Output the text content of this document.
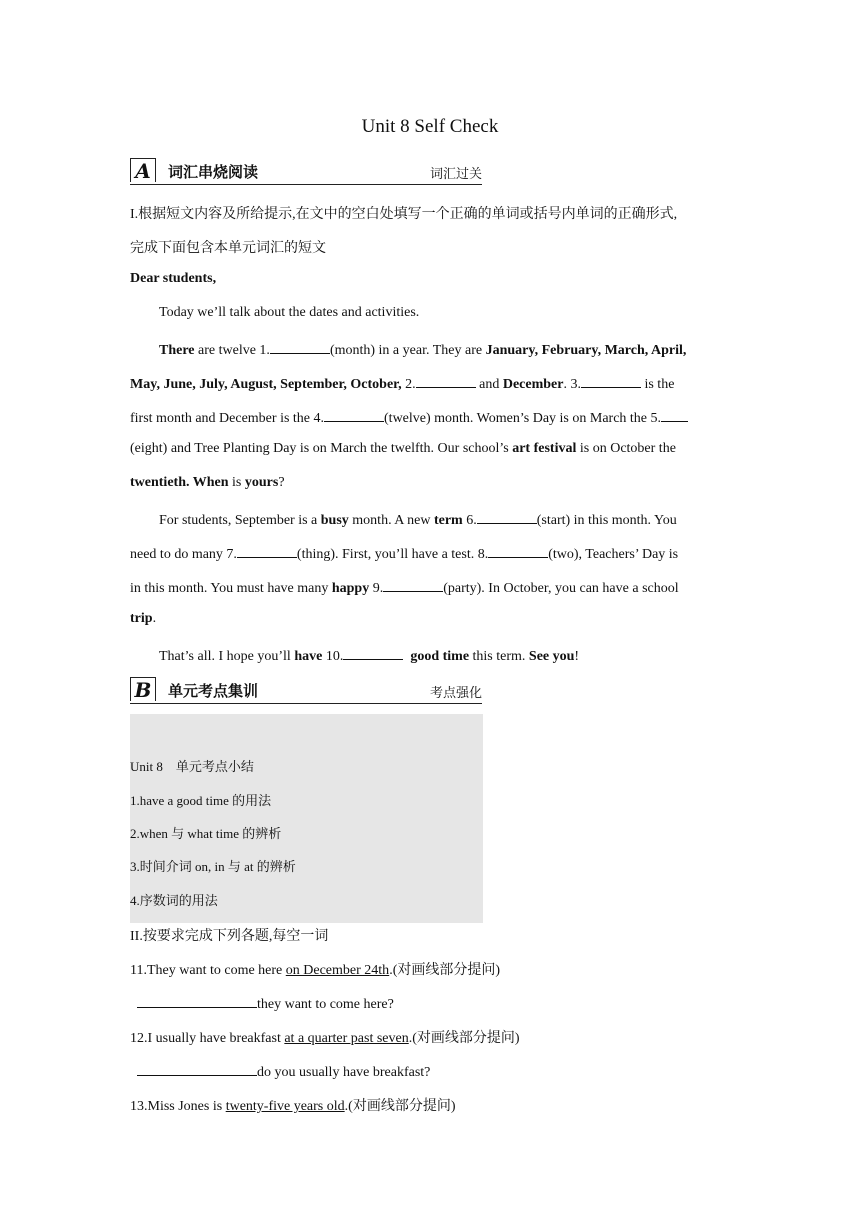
Unit 8 Self Check
A	词汇串烧阅读	词汇过关
I.根据短文内容及所给提示,在文中的空白处填写一个正确的单词或括号内单词的正确形式,
完成下面包含本单元词汇的短文
Dear students,
Today we’ll talk about the dates and activities.
There are twelve 1.	(month) in a year. They are January, February, March, April,
May, June, July, August, September, October, 2.	and December. 3.	is the
first month and December is the 4.	(twelve) month. Women’s Day is on March the 5.
(eight) and Tree Planting Day is on March the twelfth. Our school’s art festival is on October the
twentieth. When is yours?
For students, September is a busy month. A new term 6.	(start) in this month. You
need to do many 7.	(thing). First, you’ll have a test. 8.	(two), Teachers’ Day is
in this month. You must have many happy 9.	(party). In October, you can have a school
trip.
That’s all. I hope you’ll have 10.	good time this term. See you!
B	单元考点集训	考点强化
Unit 8　单元考点小结
1.have a good time 的用法
2.when 与 what time 的辨析
3.时间介词 on, in 与 at 的辨析
4.序数词的用法
II.按要求完成下列各题,每空一词
11.They want to come here on December 24th.(对画线部分提问)
they want to come here?
12.I usually have breakfast at a quarter past seven.(对画线部分提问)
do you usually have breakfast?
13.Miss Jones is twenty-five years old.(对画线部分提问)
